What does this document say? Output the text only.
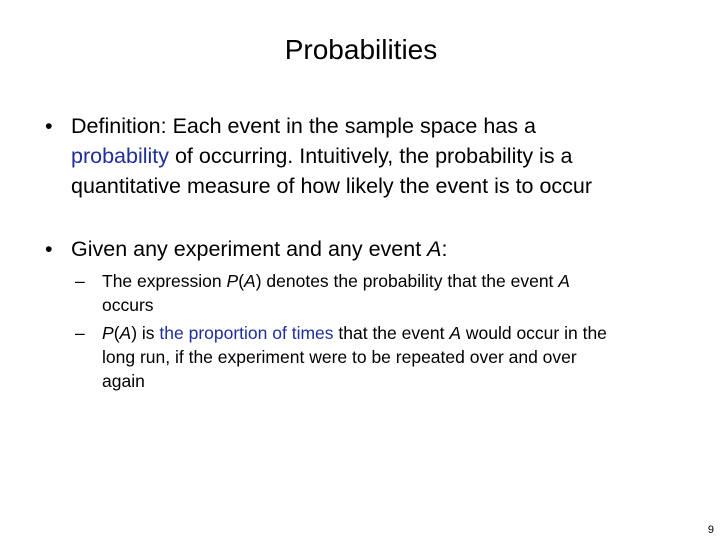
Probabilities
• Definition: Each event in the sample space has a
probability of occurring. Intuitively, the probability is a
quantitative measure of how likely the event is to occur
• Given any experiment and any event A:
– The expression P(A) denotes the probability that the event A
occurs
– P(A) is the proportion of times that the event A would occur in the
long run, if the experiment were to be repeated over and over
again
9
